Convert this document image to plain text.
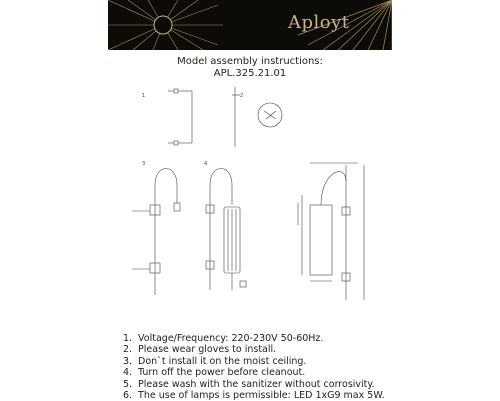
Aployt
Model assembly instructions:
APL.325.21.01
1
3	4
2
1. Voltage/Frequency: 220-230V 50-60Hz.
2. Please wear gloves to install.
3. Don`t install it on the moist ceiling.
4. Turn off the power before cleanout.
5. Please wash with the sanitizer without corrosivity.
6. The use of lamps is permissible: LED 1xG9 max 5W.
